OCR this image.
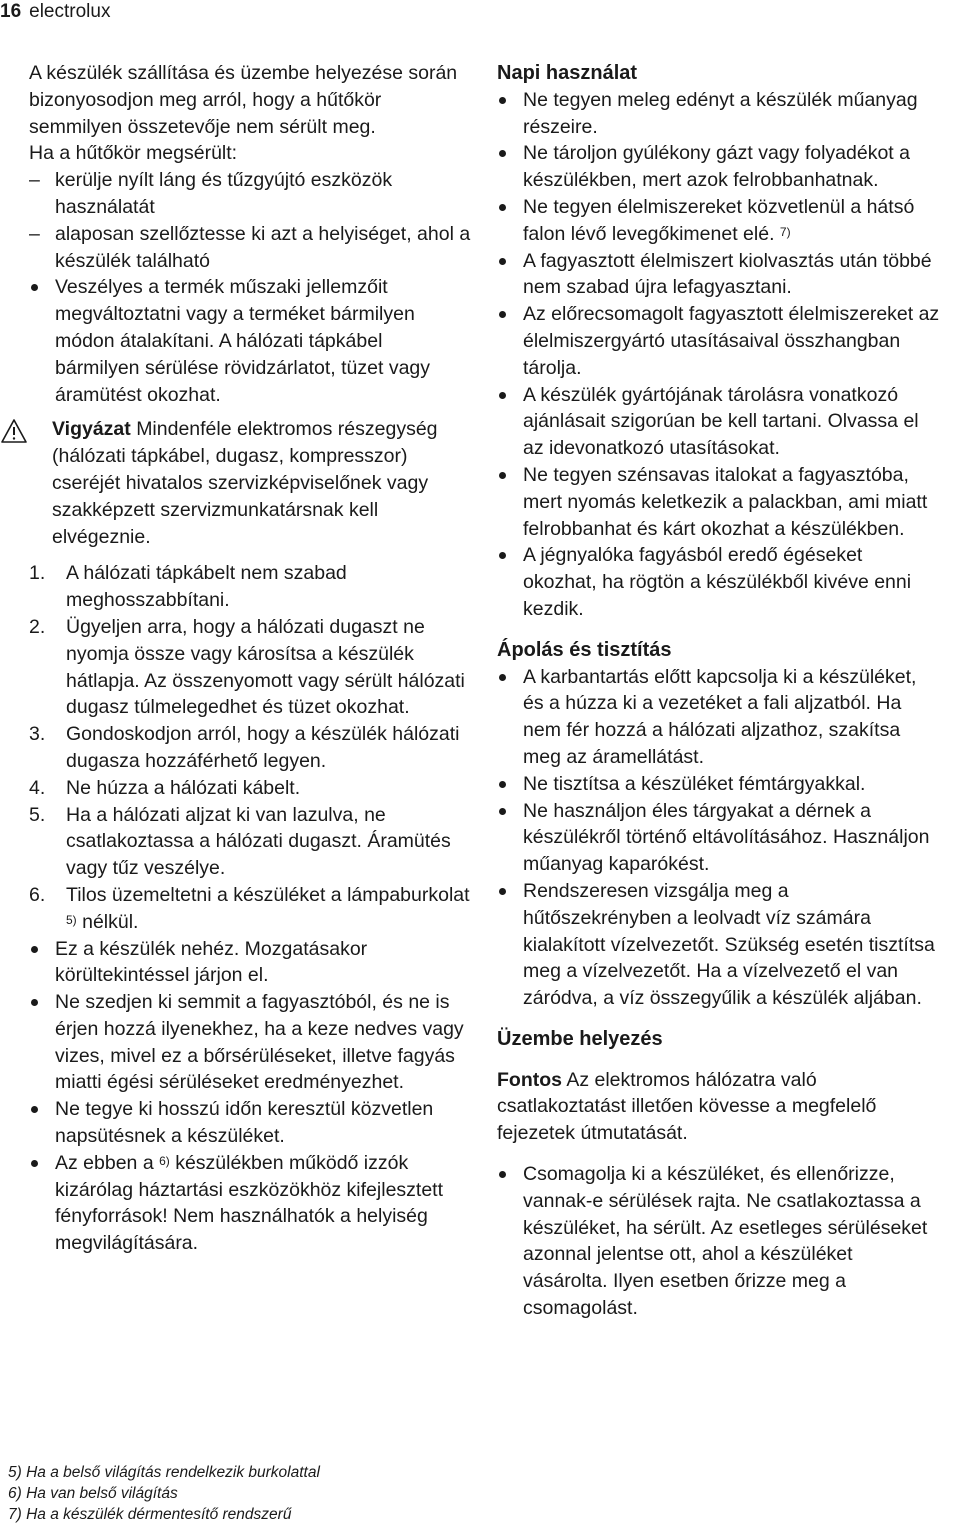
16 electrolux

A készülék szállítása és üzembe helyezése során bizonyosodjon meg arról, hogy a hűtőkör semmilyen összetevője nem sérült meg.

Ha a hűtőkör megsérült:

– kerülje nyílt láng és tűzgyújtó eszközök használatát
– alaposan szellőztesse ki azt a helyiséget, ahol a készülék található
Veszélyes a termék műszaki jellemzőit megváltoztatni vagy a terméket bármilyen módon átalakítani. A hálózati tápkábel bármilyen sérülése rövidzárlatot, tüzet vagy áramütést okozhat.
Vigyázat Mindenféle elektromos részegység (hálózati tápkábel, dugasz, kompresszor) cseréjét hivatalos szervizképviselőnek vagy szakképzett szervizmunkatársnak kell elvégeznie.
1. A hálózati tápkábelt nem szabad meghosszabbítani.
2. Ügyeljen arra, hogy a hálózati dugaszt ne nyomja össze vagy károsítsa a készülék hátlapja. Az összenyomott vagy sérült hálózati dugasz túlmelegedhet és tüzet okozhat.
3. Gondoskodjon arról, hogy a készülék hálózati dugasza hozzáférhető legyen.
4. Ne húzza a hálózati kábelt.
5. Ha a hálózati aljzat ki van lazulva, ne csatlakoztassa a hálózati dugaszt. Áramütés vagy tűz veszélye.
6. Tilos üzemeltetni a készüléket a lámpaburkolat $^{5)}$ nélkül.
Ez a készülék nehéz. Mozgatásakor körültekintéssel járjon el.
Ne szedjen ki semmit a fagyasztóból, és ne is érjen hozzá ilyenekhez, ha a keze nedves vagy vizes, mivel ez a bőrsérüléseket, illetve fagyás miatti égési sérüléseket eredményezhet.
Ne tegye ki hosszú időn keresztül közvetlen napsütésnek a készüléket.
Az ebben a $^{6)}$ készülékben működő izzók kizárólag háztartási eszközökhöz kifejlesztett fényforrások! Nem használhatók a helyiség megvilágítására.

Napi használat

Ne tegyen meleg edényt a készülék műanyag részeire.
Ne tároljon gyúlékony gázt vagy folyadékot a készülékben, mert azok felrobbanhatnak.
Ne tegyen élelmiszereket közvetlenül a hátsó falon lévő levegőkimenet elé. $^{7)}$
A fagyasztott élelmiszert kiolvasztás után többé nem szabad újra lefagyasztani.
Az előrecsomagolt fagyasztott élelmiszereket az élelmiszergyártó utasításaival összhangban tárolja.
A készülék gyártójának tárolásra vonatkozó ajánlásait szigorúan be kell tartani. Olvassa el az idevonatkozó utasításokat.
Ne tegyen szénsavas italokat a fagyasztóba, mert nyomás keletkezik a palackban, ami miatt felrobbanhat és kárt okozhat a készülékben.
A jégnyalóka fagyásból eredő égéseket okozhat, ha rögtön a készülékből kivéve enni kezdik.

Ápolás és tisztítás

A karbantartás előtt kapcsolja ki a készüléket, és a húzza ki a vezetéket a fali aljzatból. Ha nem fér hozzá a hálózati aljzathoz, szakítsa meg az áramellátást.
Ne tisztítsa a készüléket fémtárgyakkal.
Ne használjon éles tárgyakat a dérnek a készülékről történő eltávolításához. Használjon műanyag kaparókést.
Rendszeresen vizsgálja meg a hűtőszekrényben a leolvadt víz számára kialakított vízelvezetőt. Szükség esetén tisztítsa meg a vízelvezetőt. Ha a vízelvezető el van záródva, a víz összegyűlik a készülék aljában.

Üzembe helyezés

Fontos Az elektromos hálózatra való csatlakoztatást illetően kövesse a megfelelő fejezetek útmutatását.

Csomagolja ki a készüléket, és ellenőrizze, vannak-e sérülések rajta. Ne csatlakoztassa a készüléket, ha sérült. Az esetleges sérüléseket azonnal jelentse ott, ahol a készüléket vásárolta. Ilyen esetben őrizze meg a csomagolást.
5) Ha a belső világítás rendelkezik burkolattal
6) Ha van belső világítás
7) Ha a készülék dérmentesítő rendszerű
